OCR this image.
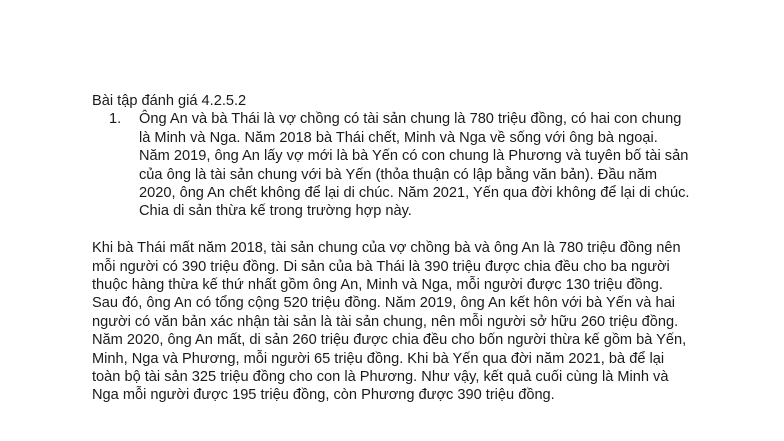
Bài tập đánh giá 4.2.5.2

1.	Ông An và bà Thái là vợ chồng có tài sản chung là 780 triệu đồng, có hai con chung là Minh và Nga. Năm 2018 bà Thái chết, Minh và Nga về sống với ông bà ngoại. Năm 2019, ông An lấy vợ mới là bà Yến có con chung là Phương và tuyên bố tài sản của ông là tài sản chung với bà Yến (thỏa thuận có lập bằng văn bản). Đầu năm 2020, ông An chết không để lại di chúc. Năm 2021, Yến qua đời không để lại di chúc. Chia di sản thừa kế trong trường hợp này.

Khi bà Thái mất năm 2018, tài sản chung của vợ chồng bà và ông An là 780 triệu đồng nên mỗi người có 390 triệu đồng. Di sản của bà Thái là 390 triệu được chia đều cho ba người thuộc hàng thừa kế thứ nhất gồm ông An, Minh và Nga, mỗi người được 130 triệu đồng. Sau đó, ông An có tổng cộng 520 triệu đồng. Năm 2019, ông An kết hôn với bà Yến và hai người có văn bản xác nhận tài sản là tài sản chung, nên mỗi người sở hữu 260 triệu đồng. Năm 2020, ông An mất, di sản 260 triệu được chia đều cho bốn người thừa kế gồm bà Yến, Minh, Nga và Phương, mỗi người 65 triệu đồng. Khi bà Yến qua đời năm 2021, bà để lại toàn bộ tài sản 325 triệu đồng cho con là Phương. Như vậy, kết quả cuối cùng là Minh và Nga mỗi người được 195 triệu đồng, còn Phương được 390 triệu đồng.
